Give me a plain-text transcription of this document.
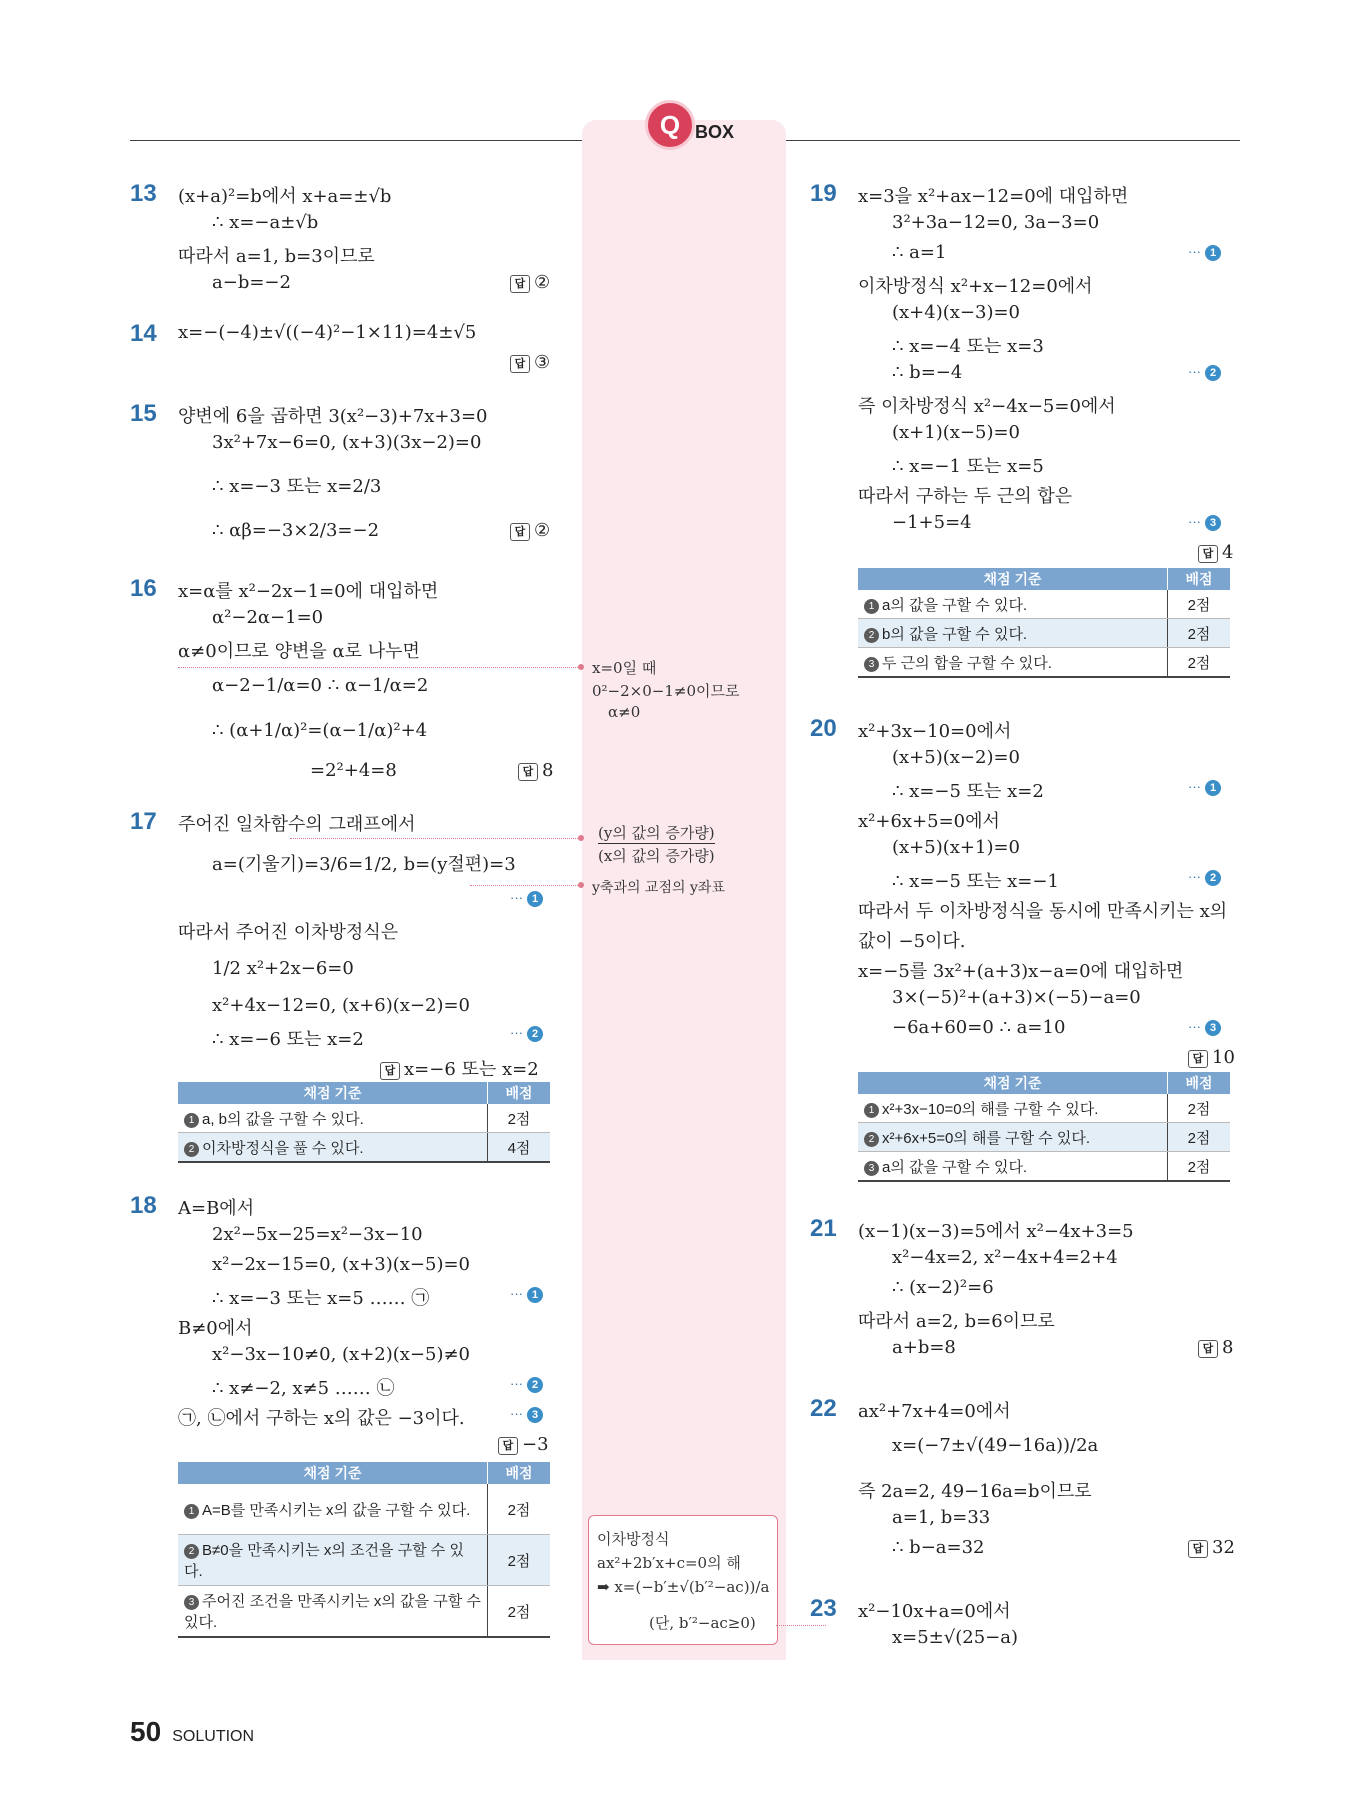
Q BOX
13 (x+a)²=b에서 x+a=±√b
∴ x=−a±√b
따라서 a=1, b=3이므로
a−b=−2	답 ②
14 x=−(−4)±√((−4)²−1×11)=4±√5
답 ③
15 양변에 6을 곱하면 3(x²−3)+7x+3=0
3x²+7x−6=0, (x+3)(3x−2)=0
∴ x=−3 또는 x=2/3
∴ αβ=−3×2/3=−2	답 ②
16 x=α를 x²−2x−1=0에 대입하면
α²−2α−1=0
α≠0이므로 양변을 α로 나누면
α−2−1/α=0 ∴ α−1/α=2
∴ (α+1/α)²=(α−1/α)²+4
=2²+4=8	답 8
17 주어진 일차함수의 그래프에서
a=(기울기)=3/6=1/2, b=(y절편)=3
··· 1
따라서 주어진 이차방정식은
1/2 x²+2x−6=0
x²+4x−12=0, (x+6)(x−2)=0
∴ x=−6 또는 x=2	··· 2
답 x=−6 또는 x=2
채점 기준	배점
1 a, b의 값을 구할 수 있다.	2점
2 이차방정식을 풀 수 있다.	4점
18 A=B에서
2x²−5x−25=x²−3x−10
x²−2x−15=0, (x+3)(x−5)=0
∴ x=−3 또는 x=5 …… ㉠	··· 1
B≠0에서
x²−3x−10≠0, (x+2)(x−5)≠0
∴ x≠−2, x≠5 …… ㉡	··· 2
㉠, ㉡에서 구하는 x의 값은 −3이다.	··· 3
답 −3
채점 기준	배점
1 A=B를 만족시키는 x의 값을 구할 수 있다.	2점
2 B≠0을 만족시키는 x의 조건을 구할 수 있다.	2점
3 주어진 조건을 만족시키는 x의 값을 구할 수 있다.	2점
x=0일 때
0²−2×0−1≠0이므로
α≠0
(y의 값의 증가량)
(x의 값의 증가량)
y축과의 교점의 y좌표
이차방정식
ax²+2b′x+c=0의 해
➡ x=(−b′±√(b′²−ac))/a
(단, b′²−ac≥0)
19 x=3을 x²+ax−12=0에 대입하면
3²+3a−12=0, 3a−3=0
∴ a=1	··· 1
이차방정식 x²+x−12=0에서
(x+4)(x−3)=0
∴ x=−4 또는 x=3
∴ b=−4	··· 2
즉 이차방정식 x²−4x−5=0에서
(x+1)(x−5)=0
∴ x=−1 또는 x=5
따라서 구하는 두 근의 합은
−1+5=4	··· 3
답 4
채점 기준	배점
1 a의 값을 구할 수 있다.	2점
2 b의 값을 구할 수 있다.	2점
3 두 근의 합을 구할 수 있다.	2점
20 x²+3x−10=0에서
(x+5)(x−2)=0
∴ x=−5 또는 x=2	··· 1
x²+6x+5=0에서
(x+5)(x+1)=0
∴ x=−5 또는 x=−1	··· 2
따라서 두 이차방정식을 동시에 만족시키는 x의
값이 −5이다.
x=−5를 3x²+(a+3)x−a=0에 대입하면
3×(−5)²+(a+3)×(−5)−a=0
−6a+60=0 ∴ a=10	··· 3
답 10
채점 기준	배점
1 x²+3x−10=0의 해를 구할 수 있다.	2점
2 x²+6x+5=0의 해를 구할 수 있다.	2점
3 a의 값을 구할 수 있다.	2점
21 (x−1)(x−3)=5에서 x²−4x+3=5
x²−4x=2, x²−4x+4=2+4
∴ (x−2)²=6
따라서 a=2, b=6이므로
a+b=8	답 8
22 ax²+7x+4=0에서
x=(−7±√(49−16a))/2a
즉 2a=2, 49−16a=b이므로
a=1, b=33
∴ b−a=32	답 32
23 x²−10x+a=0에서
x=5±√(25−a)
50 SOLUTION
